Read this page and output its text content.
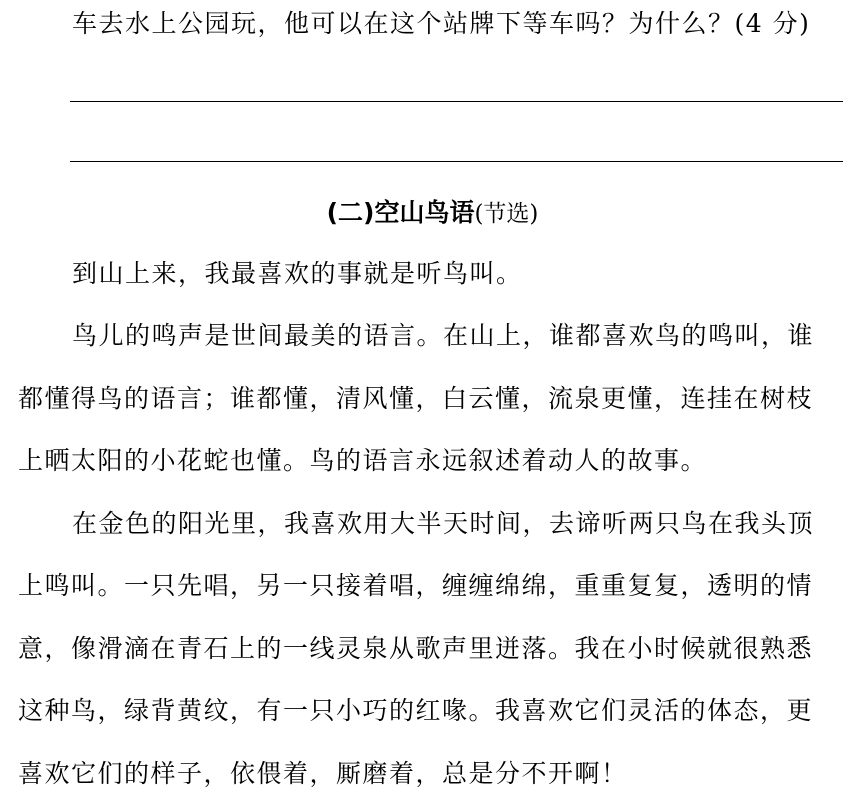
车去水上公园玩，他可以在这个站牌下等车吗？为什么？(4 分)
(二)空山鸟语(节选)
到山上来，我最喜欢的事就是听鸟叫。
鸟儿的鸣声是世间最美的语言。在山上，谁都喜欢鸟的鸣叫，谁
都懂得鸟的语言；谁都懂，清风懂，白云懂，流泉更懂，连挂在树枝
上晒太阳的小花蛇也懂。鸟的语言永远叙述着动人的故事。
在金色的阳光里，我喜欢用大半天时间，去谛听两只鸟在我头顶
上鸣叫。一只先唱，另一只接着唱，缠缠绵绵，重重复复，透明的情
意，像滑滴在青石上的一线灵泉从歌声里迸落。我在小时候就很熟悉
这种鸟，绿背黄纹，有一只小巧的红喙。我喜欢它们灵活的体态，更
喜欢它们的样子，依偎着，厮磨着，总是分不开啊！
